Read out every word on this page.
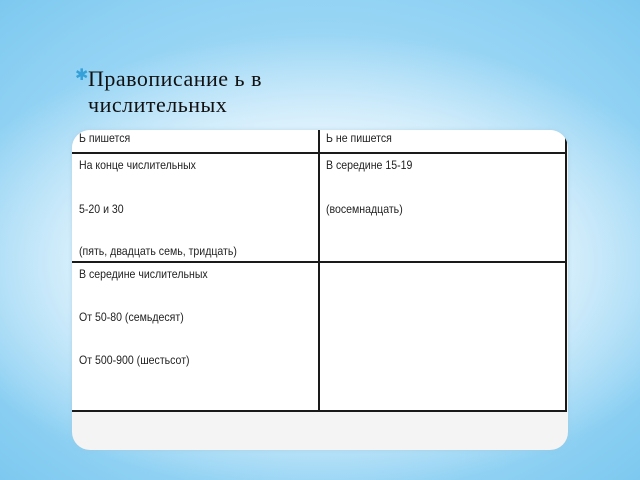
✱ Правописание ь в
числительных
Ь пишется	Ь не пишется
На конце числительных
5-20 и 30
(пять, двадцать семь, тридцать)
В середине 15-19
(восемнадцать)
В середине числительных
От 50-80 (семьдесят)
От 500-900 (шестьсот)
